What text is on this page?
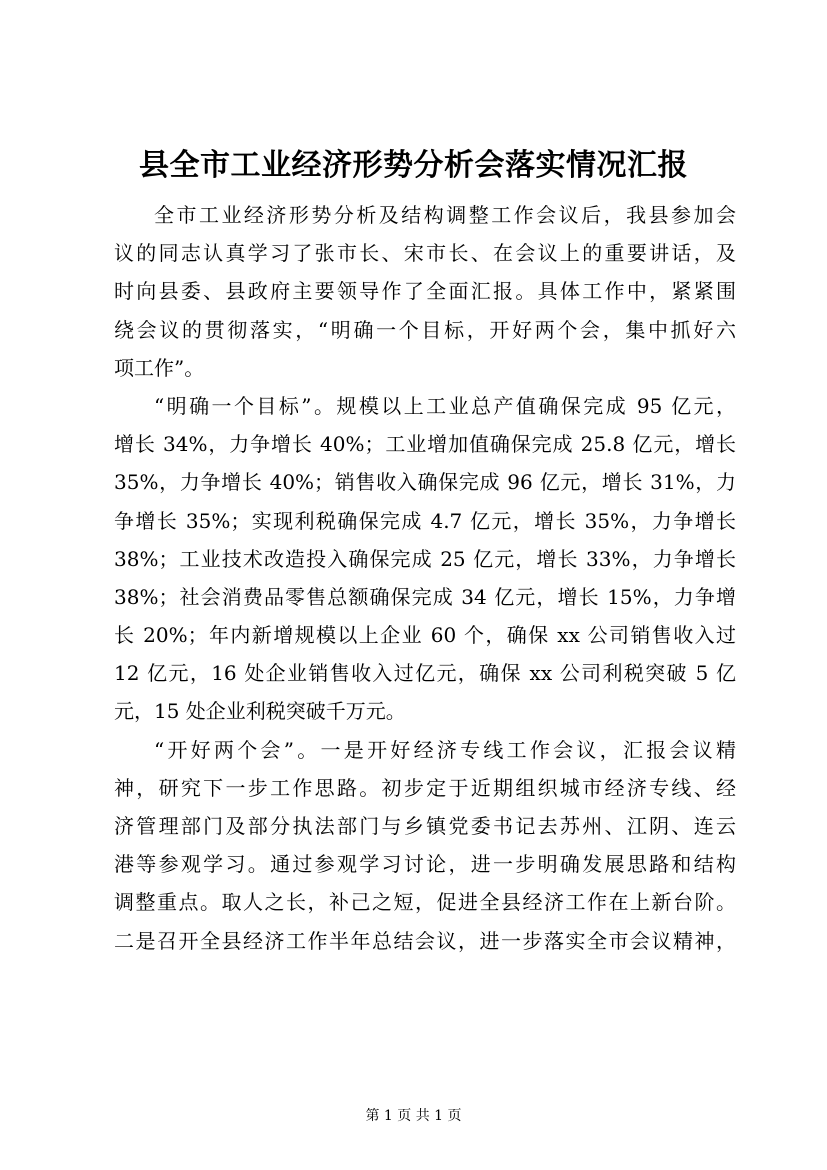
县全市工业经济形势分析会落实情况汇报
全市工业经济形势分析及结构调整工作会议后，我县参加会
议的同志认真学习了张市长、宋市长、在会议上的重要讲话，及
时向县委、县政府主要领导作了全面汇报。具体工作中，紧紧围
绕会议的贯彻落实，“明确一个目标，开好两个会，集中抓好六
项工作”。
“明确一个目标”。规模以上工业总产值确保完成 95 亿元，
增长 34%，力争增长 40%；工业增加值确保完成 25.8 亿元，增长
35%，力争增长 40%；销售收入确保完成 96 亿元，增长 31%，力
争增长 35%；实现利税确保完成 4.7 亿元，增长 35%，力争增长
38%；工业技术改造投入确保完成 25 亿元，增长 33%，力争增长
38%；社会消费品零售总额确保完成 34 亿元，增长 15%，力争增
长 20%；年内新增规模以上企业 60 个，确保 xx 公司销售收入过
12 亿元，16 处企业销售收入过亿元，确保 xx 公司利税突破 5 亿
元，15 处企业利税突破千万元。
“开好两个会”。一是开好经济专线工作会议，汇报会议精
神，研究下一步工作思路。初步定于近期组织城市经济专线、经
济管理部门及部分执法部门与乡镇党委书记去苏州、江阴、连云
港等参观学习。通过参观学习讨论，进一步明确发展思路和结构
调整重点。取人之长，补己之短，促进全县经济工作在上新台阶。
二是召开全县经济工作半年总结会议，进一步落实全市会议精神，
第 1 页 共 1 页
